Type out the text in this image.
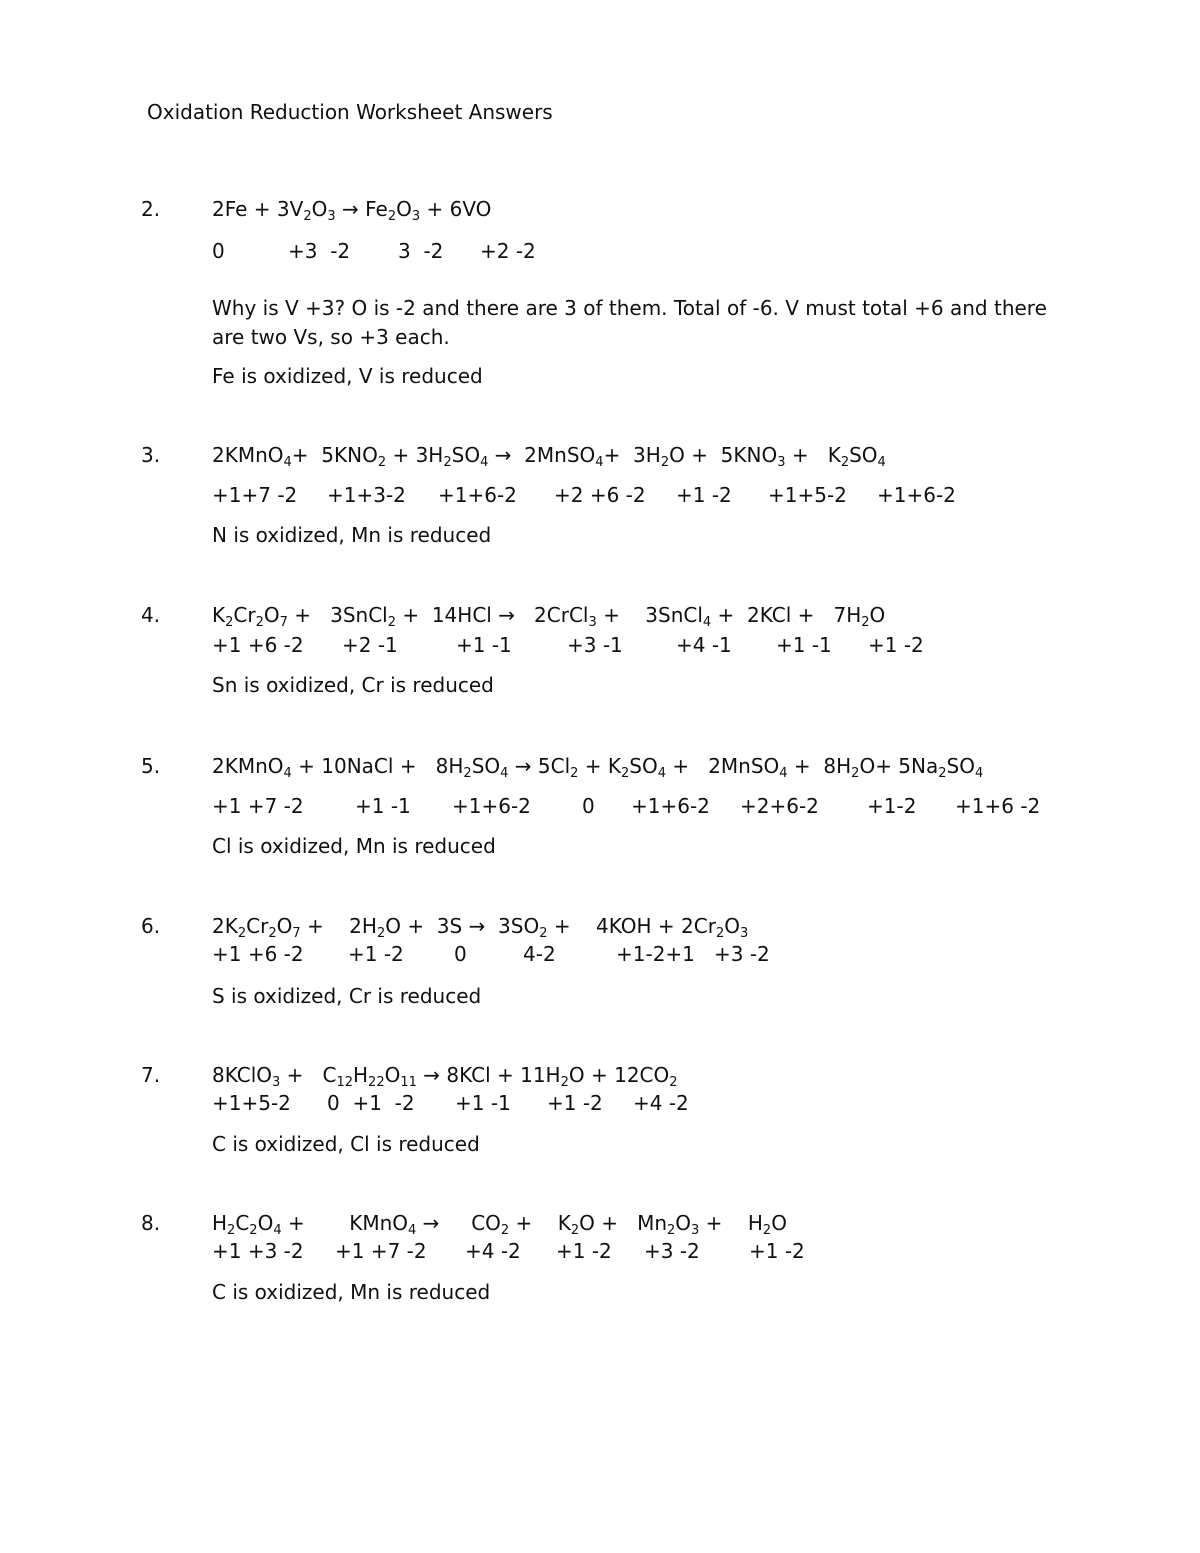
Oxidation Reduction Worksheet Answers
2.	$2Fe + 3V_2O_3 \to Fe_2O_3 + 6VO$
0	+3  -2 3  -2 +2 -2
Why is V +3? O is -2 and there are 3 of them. Total of -6. V must total +6 and there are two Vs, so +3 each.
Fe is oxidized, V is reduced
3.	2KMnO$_4$+  $5KNO_2 + 3H_2SO_4$ →  2MnSO$_4$+  $3H_2O + 5KNO_3 + K_2SO_4$
+1+7 -2 +1+3-2 +1+6-2 +2 +6 -2 +1 -2 +1+5-2 +1+6-2
N is oxidized, Mn is reduced
4.	$K_2Cr_2O_7$ +   3SnCl$_2$ +  14HCl →   2CrCl$_3$ +    3SnCl$_4$ +  $2KCl + 7H_2O$
+1 +6 -2 +2 -1	+1 -1	+3 -1	+4 -1 +1 -1 +1 -2
Sn is oxidized, Cr is reduced
5.	2KMnO$_4$ + 10NaCl +   $8H_2SO_4 \to 5Cl_2 + K_2SO_4$ +   2MnSO$_4$ +  $8H_2O+ 5Na_2SO_4$
+1 +7 -2	+1 -1 +1+6-2	0 +1+6-2 +2+6-2 +1-2 +1+6 -2
Cl is oxidized, Mn is reduced
6.	$2K_2Cr_2O_7$ +    $2H_2O + 3S \to 3SO_2$ +    $4KOH + 2Cr_2O_3$
+1 +6 -2 +1 -2	0	4-2	+1-2+1 +3 -2
S is oxidized, Cr is reduced
7.	8KClO$_3$ +   $C_{12}H_{22}O_{11} \to 8KCl + 11H_2O + 12CO_2$
+1+5-2 0  +1  -2 +1 -1 +1 -2 +4 -2
C is oxidized, Cl is reduced
8.	$H_2C_2O_4$ +       KMnO$_4$ →     $CO_2$ +    $K_2O + Mn_2O_3$ +    $H_2O$
+1 +3 -2 +1 +7 -2 +4 -2 +1 -2 +3 -2 +1 -2
C is oxidized, Mn is reduced
